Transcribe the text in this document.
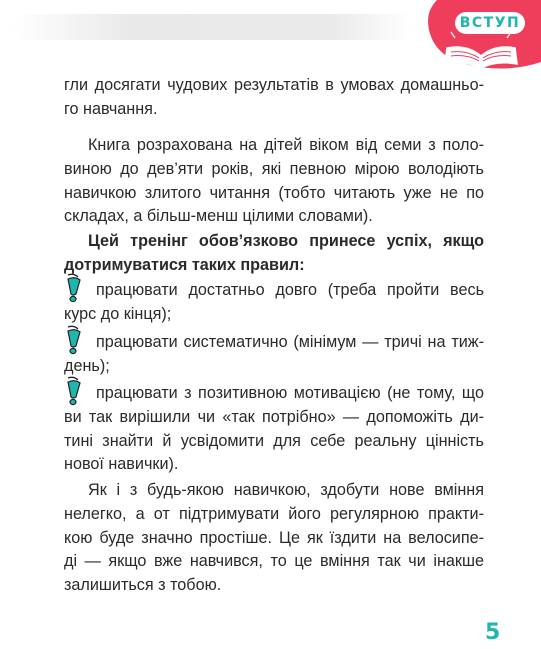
ВСТУП
гли досягати чудових результатів в умовах домашньо-
го навчання.
Книга розрахована на дітей віком від семи з поло-
виною до дев’яти років, які певною мірою володіють
навичкою злитого читання (тобто читають уже не по
складах, а більш-менш цілими словами).
Цей тренінг обов’язково принесе успіх, якщо
дотримуватися таких правил:
працювати достатньо довго (треба пройти весь
курс до кінця);
працювати систематично (мінімум — тричі на тиж-
день);
працювати з позитивною мотивацією (не тому, що
ви так вирішили чи «так потрібно» — допоможіть ди-
тині знайти й усвідомити для себе реальну цінність
нової навички).
Як і з будь-якою навичкою, здобути нове вміння
нелегко, а от підтримувати його регулярною практи-
кою буде значно простіше. Це як їздити на велосипе-
ді — якщо вже навчився, то це вміння так чи інакше
залишиться з тобою.
5
